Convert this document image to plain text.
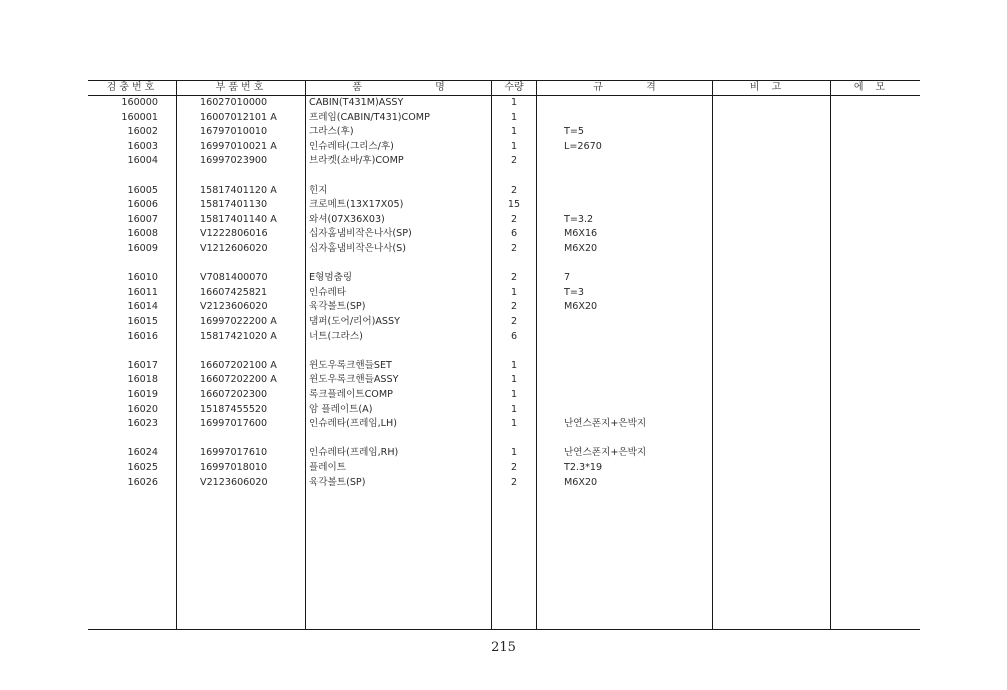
검충번호	부품번호	품 명	수량	규 격	비고	에모
160000	16027010000	CABIN(T431M)ASSY	1
160001	16007012101 A	프레임(CABIN/T431)COMP	1
16002	16797010010	그라스(후)	1	T=5
16003	16997010021 A	인슈레타(그리스/후)	1	L=2670
16004	16997023900	브라켓(쇼바/후)COMP	2
16005	15817401120 A	힌지	2
16006	15817401130	크로메트(13X17X05)	15
16007	15817401140 A	와셔(07X36X03)	2	T=3.2
16008	V1222806016	십자홈냄비작은나사(SP)	6	M6X16
16009	V1212606020	십자홈냄비작은나사(S)	2	M6X20
16010	V7081400070	E형멈춤링	2	7
16011	16607425821	인슈레타	1	T=3
16014	V2123606020	육각볼트(SP)	2	M6X20
16015	16997022200 A	댐퍼(도어/리어)ASSY	2
16016	15817421020 A	너트(그라스)	6
16017	16607202100 A	윈도우록크핸들SET	1
16018	16607202200 A	윈도우록크핸들ASSY	1
16019	16607202300	록크플레이트COMP	1
16020	15187455520	암 플레이트(A)	1
16023	16997017600	인슈레타(프레임,LH)	1	난연스폰지+은박지
16024	16997017610	인슈레타(프레임,RH)	1	난연스폰지+은박지
16025	16997018010	플레이트	2	T2.3*19
16026	V2123606020	육각볼트(SP)	2	M6X20
215
